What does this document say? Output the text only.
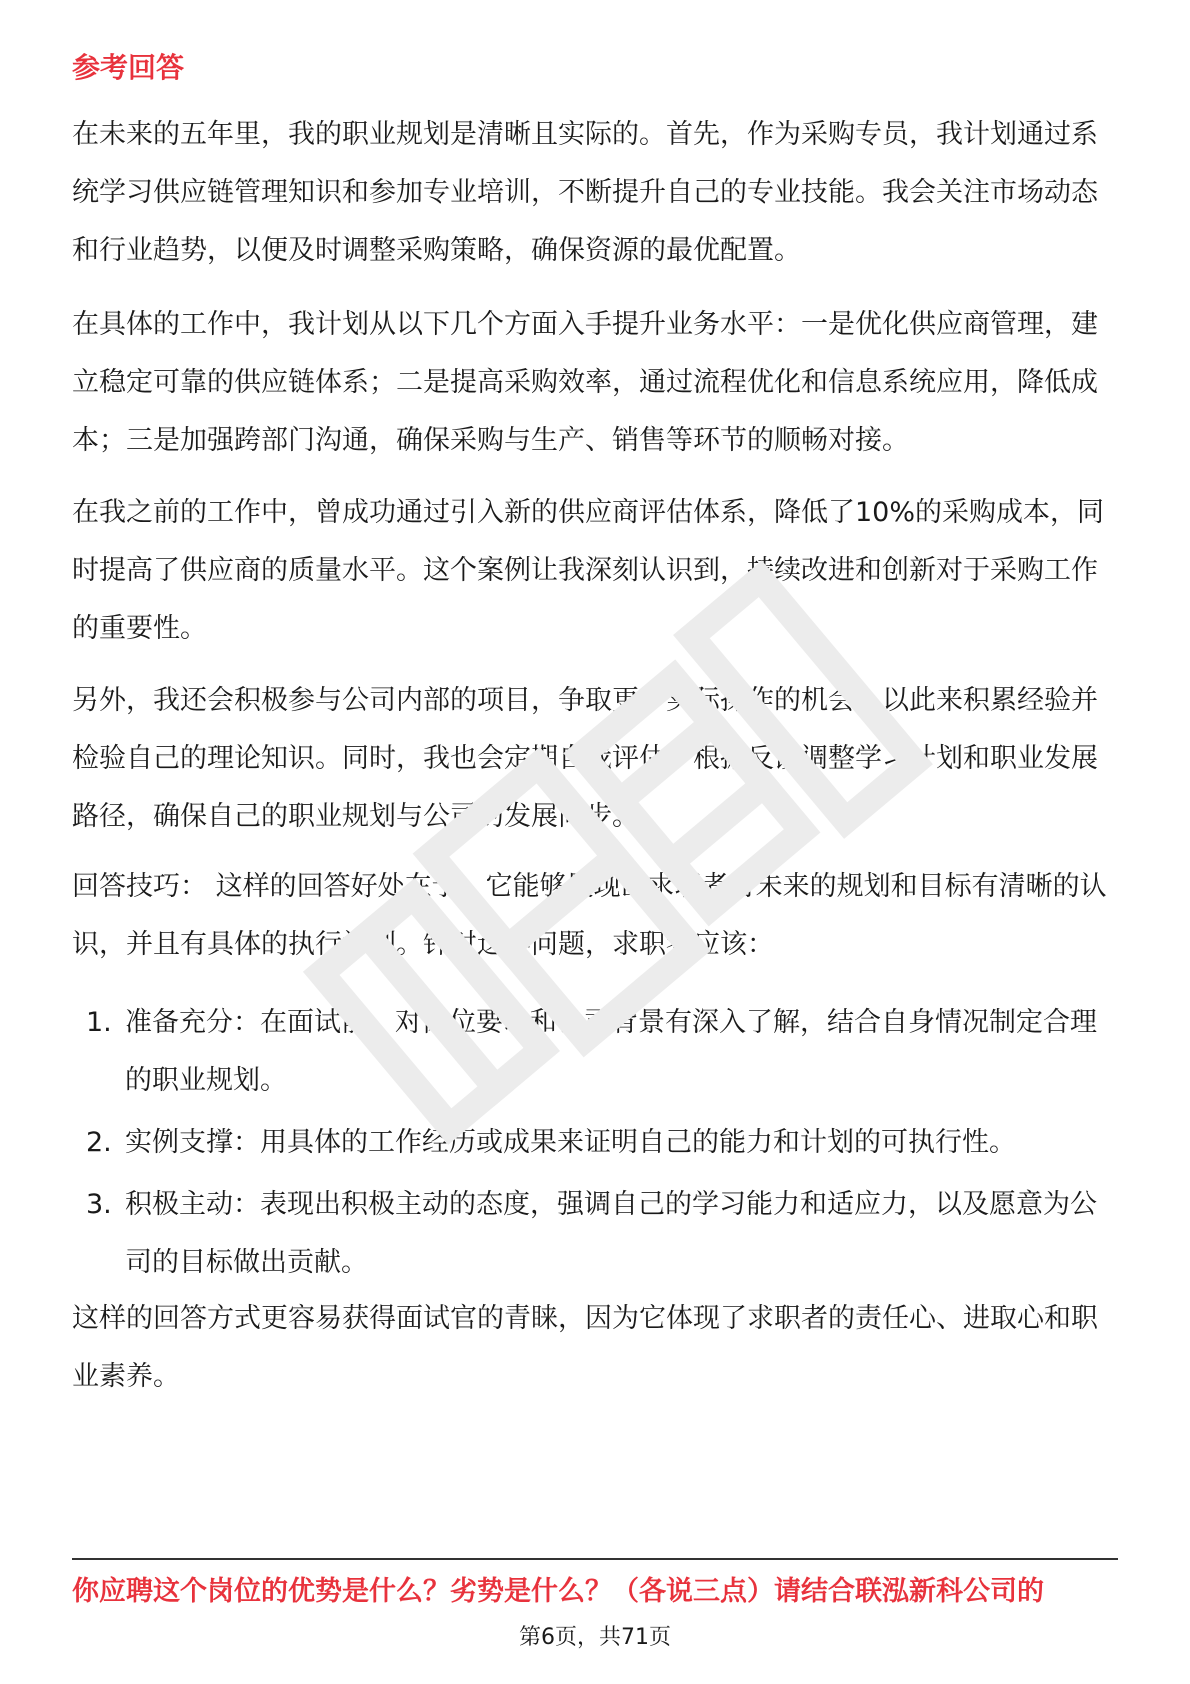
参考回答

在未来的五年里，我的职业规划是清晰且实际的。首先，作为采购专员，我计划通过系统学习供应链管理知识和参加专业培训，不断提升自己的专业技能。我会关注市场动态和行业趋势，以便及时调整采购策略，确保资源的最优配置。

在具体的工作中，我计划从以下几个方面入手提升业务水平：一是优化供应商管理，建立稳定可靠的供应链体系；二是提高采购效率，通过流程优化和信息系统应用，降低成本；三是加强跨部门沟通，确保采购与生产、销售等环节的顺畅对接。

在我之前的工作中，曾成功通过引入新的供应商评估体系，降低了10%的采购成本，同时提高了供应商的质量水平。这个案例让我深刻认识到，持续改进和创新对于采购工作的重要性。

另外，我还会积极参与公司内部的项目，争取更多实际操作的机会，以此来积累经验并检验自己的理论知识。同时，我也会定期自我评估，根据反馈调整学习计划和职业发展路径，确保自己的职业规划与公司的发展同步。

回答技巧： 这样的回答好处在于，它能够展现出求职者对未来的规划和目标有清晰的认识，并且有具体的执行计划。针对这类问题，求职者应该：

1. 准备充分：在面试前，对岗位要求和公司背景有深入了解，结合自身情况制定合理的职业规划。
2. 实例支撑：用具体的工作经历或成果来证明自己的能力和计划的可执行性。
3. 积极主动：表现出积极主动的态度，强调自己的学习能力和适应力，以及愿意为公司的目标做出贡献。

这样的回答方式更容易获得面试官的青睐，因为它体现了求职者的责任心、进取心和职业素养。

你应聘这个岗位的优势是什么？劣势是什么？（各说三点）请结合联泓新科公司的
第6页，共71页
